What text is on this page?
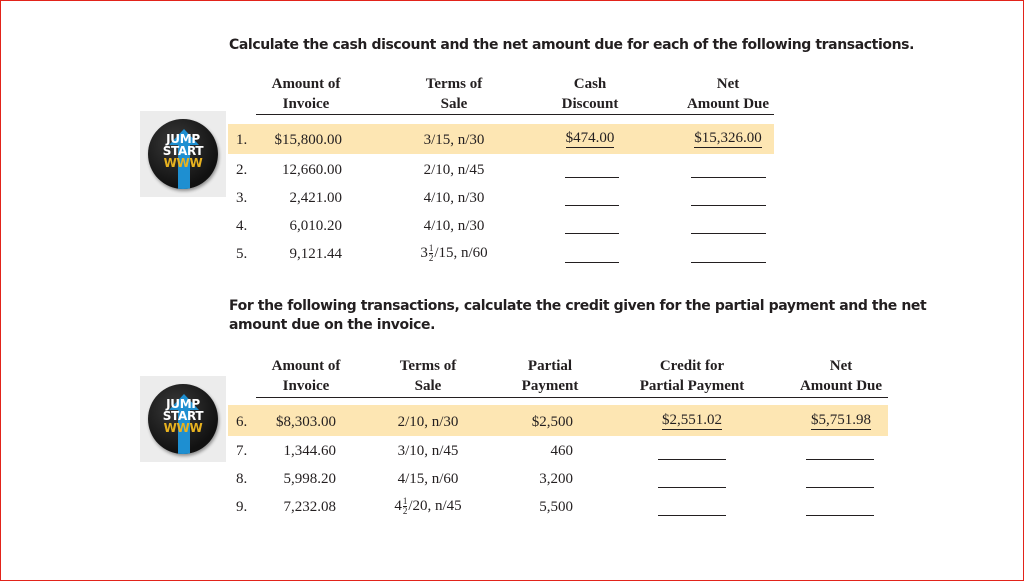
Calculate the cash discount and the net amount due for each of the following transactions.
JUMP
START
WWW
Amount of
Invoice
Terms of
Sale
Cash
Discount
Net
Amount Due
1.	$15,800.00	3/15, n/30	$474.00	$15,326.00
2.	12,660.00	2/10, n/45
3.	2,421.00	4/10, n/30
4.	6,010.20	4/10, n/30
5.	9,121.44	$3 \frac{1}{2} /15$, n/60
For the following transactions, calculate the credit given for the partial payment and the net
amount due on the invoice.
JUMP
START
WWW
Amount of
Invoice
Terms of
Sale
Partial
Payment
Credit for
Partial Payment
Net
Amount Due
6.	$8,303.00	2/10, n/30	$2,500	$2,551.02	$5,751.98
7.	1,344.60	3/10, n/45	460
8.	5,998.20	4/15, n/60	3,200
9.	7,232.08	$4 \frac{1}{2} /20$, n/45	5,500
